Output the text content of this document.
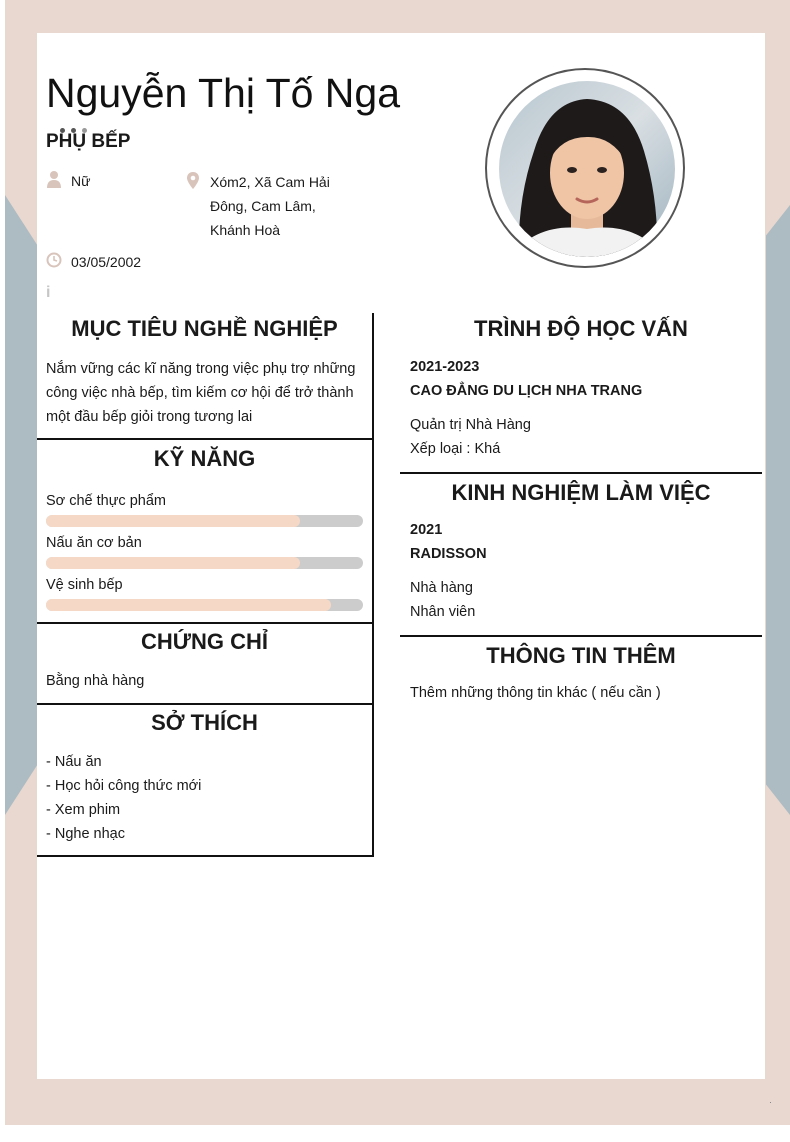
Nguyễn Thị Tố Nga
PHỤ BẾP
Nữ	Xóm2, Xã Cam Hải
Đông, Cam Lâm,
Khánh Hoà
03/05/2002
i
MỤC TIÊU NGHỀ NGHIỆP

Nắm vững các kĩ năng trong việc phụ trợ những
công việc nhà bếp, tìm kiếm cơ hội để trở thành
một đầu bếp giỏi trong tương lai

KỸ NĂNG
Sơ chế thực phẩm
Nấu ăn cơ bản
Vệ sinh bếp
CHỨNG CHỈ
Bằng nhà hàng
SỞ THÍCH
- Nấu ăn
- Học hỏi công thức mới
- Xem phim
- Nghe nhạc
TRÌNH ĐỘ HỌC VẤN
2021-2023
CAO ĐẲNG DU LỊCH NHA TRANG
Quản trị Nhà Hàng
Xếp loại : Khá
KINH NGHIỆM LÀM VIỆC
2021
RADISSON
Nhà hàng
Nhân viên
THÔNG TIN THÊM
Thêm những thông tin khác ( nếu cần )
